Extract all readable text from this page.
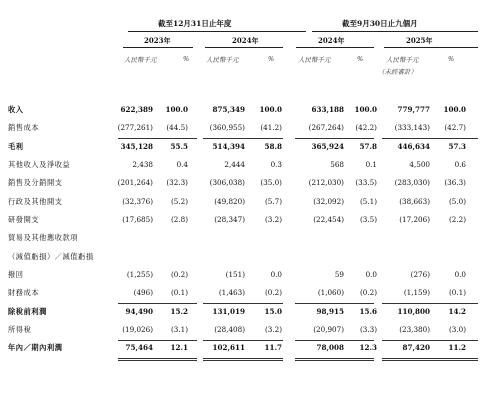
截至12月31日止年度	截至9月30日止九個月
2023年	2024年	2024年	2025年
人民幣千元	%	人民幣千元	%	人民幣千元	%	人民幣千元	%
（未經審計）
收入	622,389 100.0	875,349 100.0	633,188 100.0	779,777 100.0
銷售成本	(277,261) (44.5)	(360,955) (41.2)	(267,264) (42.2) (333,143) (42.7)
毛利	345,128 55.5	514,394	58.8	365,924 57.8	446,634	57.3
其他收入及淨收益	2,438	0.4	2,444	0.3	568	0.1	4,500	0.6
銷售及分銷開支	(201,264) (32.3)	(306,038) (35.0)	(212,030) (33.5) (283,030) (36.3)
行政及其他開支	(32,376) (5.2)	(49,820)	(5.7)	(32,092) (5.1)	(38,663)	(5.0)
研發開支	(17,685) (2.8)	(28,347)	(3.2)	(22,454) (3.5)	(17,206)	(2.2)
貿易及其他應收款項
（減值虧損）／減值虧損
撥回	(1,255) (0.2)	(151)	0.0	59	0.0	(276)	0.0
財務成本	(496) (0.1)	(1,463)	(0.2)	(1,060) (0.2)	(1,159)	(0.1)
除稅前利潤	94,490 15.2	131,019	15.0	98,915 15.6	110,800	14.2
所得稅	(19,026) (3.1)	(28,408)	(3.2)	(20,907) (3.3)	(23,380)	(3.0)
年內／期內利潤	75,464 12.1	102,611	11.7	78,008 12.3	87,420	11.2
